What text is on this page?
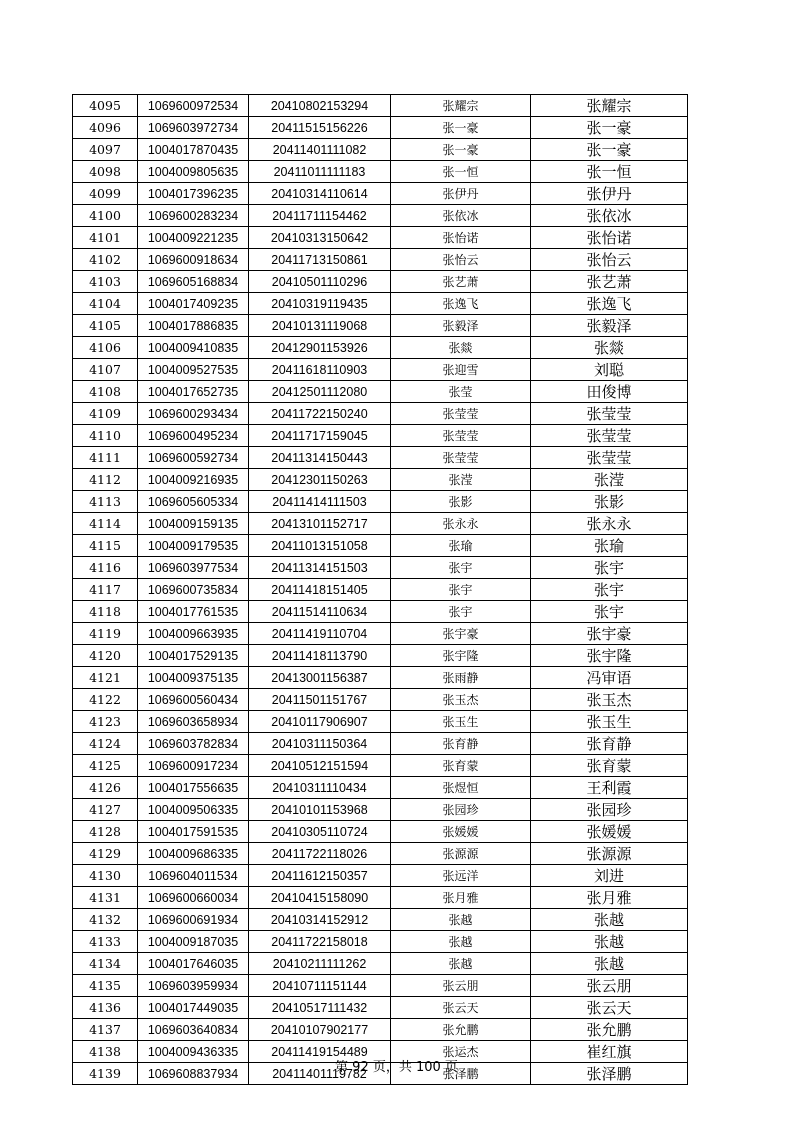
4095	1069600972534	20410802153294	张耀宗	张耀宗
4096	1069603972734	20411515156226	张一豪	张一豪
4097	1004017870435	20411401111082	张一豪	张一豪
4098	1004009805635	20411011111183	张一恒	张一恒
4099	1004017396235	20410314110614	张伊丹	张伊丹
4100	1069600283234	20411711154462	张依冰	张依冰
4101	1004009221235	20410313150642	张怡诺	张怡诺
4102	1069600918634	20411713150861	张怡云	张怡云
4103	1069605168834	20410501110296	张艺萧	张艺萧
4104	1004017409235	20410319119435	张逸飞	张逸飞
4105	1004017886835	20410131119068	张毅泽	张毅泽
4106	1004009410835	20412901153926	张燚	张燚
4107	1004009527535	20411618110903	张迎雪	刘聪
4108	1004017652735	20412501112080	张莹	田俊博
4109	1069600293434	20411722150240	张莹莹	张莹莹
4110	1069600495234	20411717159045	张莹莹	张莹莹
4111	1069600592734	20411314150443	张莹莹	张莹莹
4112	1004009216935	20412301150263	张滢	张滢
4113	1069605605334	20411414111503	张影	张影
4114	1004009159135	20413101152717	张永永	张永永
4115	1004009179535	20411013151058	张瑜	张瑜
4116	1069603977534	20411314151503	张宇	张宇
4117	1069600735834	20411418151405	张宇	张宇
4118	1004017761535	20411514110634	张宇	张宇
4119	1004009663935	20411419110704	张宇豪	张宇豪
4120	1004017529135	20411418113790	张宇隆	张宇隆
4121	1004009375135	20413001156387	张雨静	冯审语
4122	1069600560434	20411501151767	张玉杰	张玉杰
4123	1069603658934	20410117906907	张玉生	张玉生
4124	1069603782834	20410311150364	张育静	张育静
4125	1069600917234	20410512151594	张育蒙	张育蒙
4126	1004017556635	20410311110434	张煜恒	王利霞
4127	1004009506335	20410101153968	张园珍	张园珍
4128	1004017591535	20410305110724	张媛媛	张媛媛
4129	1004009686335	20411722118026	张源源	张源源
4130	1069604011534	20411612150357	张远洋	刘进
4131	1069600660034	20410415158090	张月雅	张月雅
4132	1069600691934	20410314152912	张越	张越
4133	1004009187035	20411722158018	张越	张越
4134	1004017646035	20410211111262	张越	张越
4135	1069603959934	20410711151144	张云朋	张云朋
4136	1004017449035	20410517111432	张云天	张云天
4137	1069603640834	20410107902177	张允鹏	张允鹏
4138	1004009436335	20411419154489	张运杰	崔红旗
4139	1069608837934	20411401119782	张泽鹏	张泽鹏
第 92 页，共 100 页
